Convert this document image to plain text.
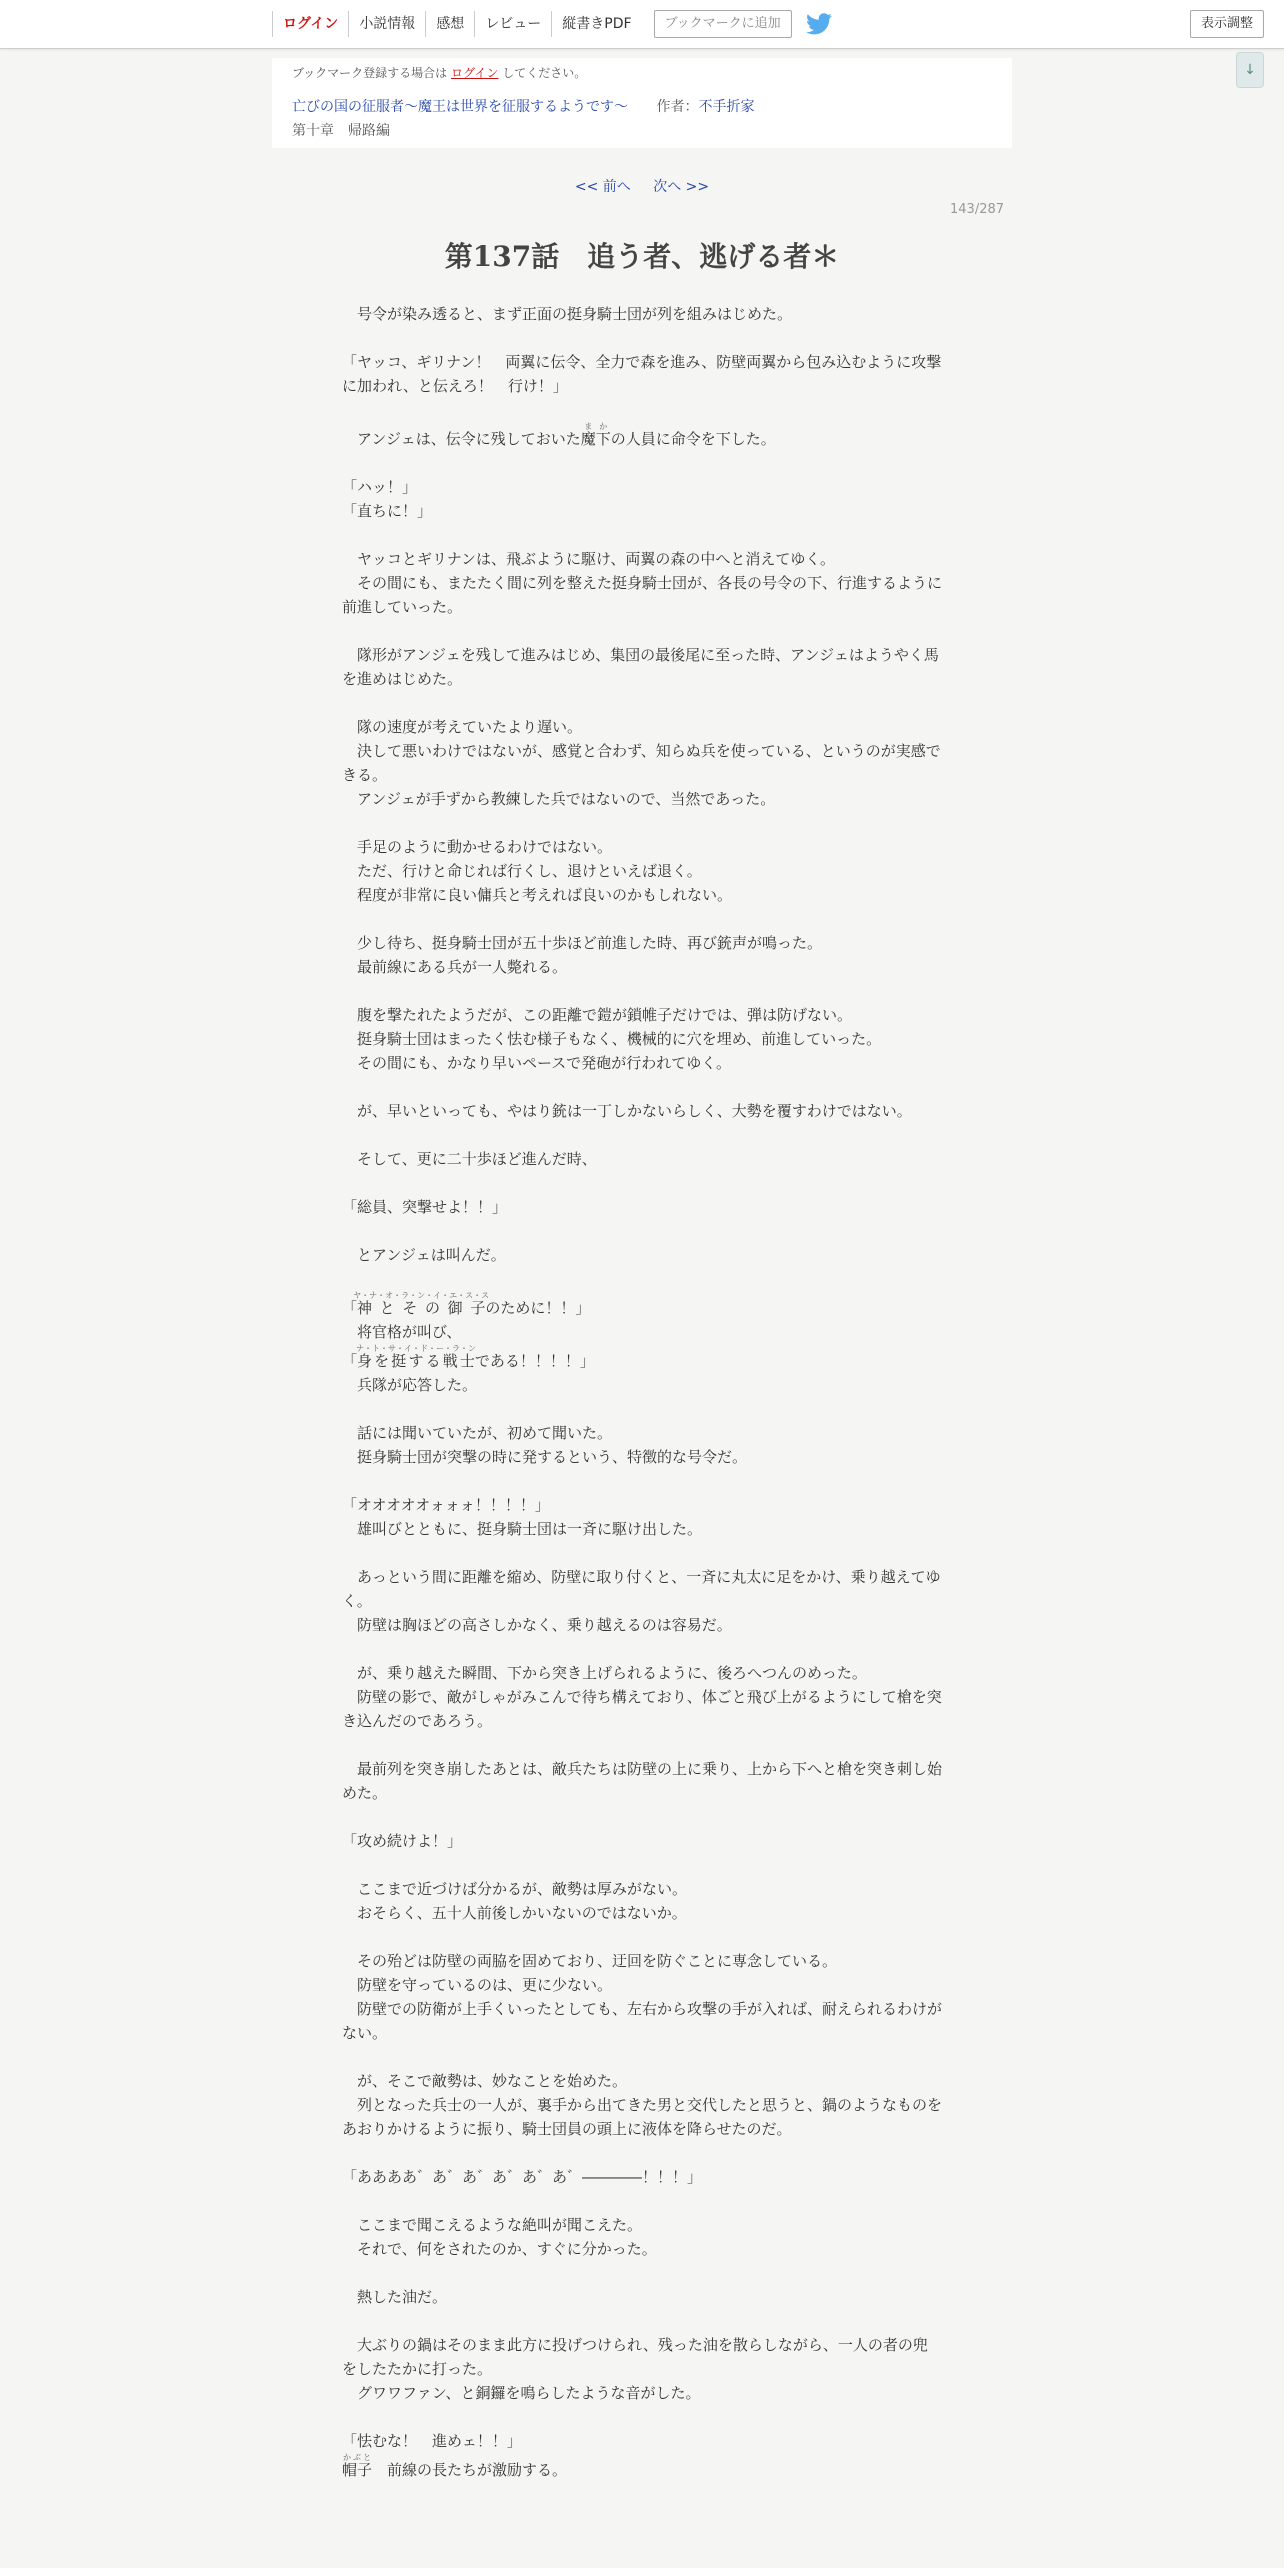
ログイン	小説情報	感想	レビュー	縦書きPDF	ブックマークに追加	表示調整
↓
ブックマーク登録する場合は ログイン してください。
亡びの国の征服者～魔王は世界を征服するようです～ 作者：不手折家
第十章　帰路編
<< 前へ 次へ >>
143/287
第137話　追う者、逃げる者＊
　号令が染み透ると、まず正面の挺身騎士団が列を組みはじめた。
「ヤッコ、ギリナン！　両翼に伝令、全力で森を進み、防壁両翼から包み込むように攻撃に加われ、と伝えろ！　行け！」
　アンジェは、伝令に残しておいた魔下まかの人員に命令を下した。
「ハッ！」
「直ちに！」
　ヤッコとギリナンは、飛ぶように駆け、両翼の森の中へと消えてゆく。
　その間にも、またたく間に列を整えた挺身騎士団が、各長の号令の下、行進するように前進していった。
　隊形がアンジェを残して進みはじめ、集団の最後尾に至った時、アンジェはようやく馬を進めはじめた。
　隊の速度が考えていたより遅い。
　決して悪いわけではないが、感覚と合わず、知らぬ兵を使っている、というのが実感できる。
　アンジェが手ずから教練した兵ではないので、当然であった。
　手足のように動かせるわけではない。
　ただ、行けと命じれば行くし、退けといえば退く。
　程度が非常に良い傭兵と考えれば良いのかもしれない。
　少し待ち、挺身騎士団が五十歩ほど前進した時、再び銃声が鳴った。
　最前線にある兵が一人斃れる。
　腹を撃たれたようだが、この距離で鎧が鎖帷子だけでは、弾は防げない。
　挺身騎士団はまったく怯む様子もなく、機械的に穴を埋め、前進していった。
　その間にも、かなり早いペースで発砲が行われてゆく。
　が、早いといっても、やはり銃は一丁しかないらしく、大勢を覆すわけではない。
　そして、更に二十歩ほど進んだ時、
「総員、突撃せよ！！」
　とアンジェは叫んだ。
「神とその御子ヤ・ナ・オ・ラ・ン・イ・エ・ス・スのために！！」
　将官格が叫び、
「身を挺する戦士ナ・ト・サ・イ・ド・ー・ラ・ンである！！！！」
　兵隊が応答した。
　話には聞いていたが、初めて聞いた。
　挺身騎士団が突撃の時に発するという、特徴的な号令だ。
「オオオオオォォォ！！！！」
　雄叫びとともに、挺身騎士団は一斉に駆け出した。
　あっという間に距離を縮め、防壁に取り付くと、一斉に丸太に足をかけ、乗り越えてゆく。
　防壁は胸ほどの高さしかなく、乗り越えるのは容易だ。
　が、乗り越えた瞬間、下から突き上げられるように、後ろへつんのめった。
　防壁の影で、敵がしゃがみこんで待ち構えており、体ごと飛び上がるようにして槍を突き込んだのであろう。
　最前列を突き崩したあとは、敵兵たちは防壁の上に乗り、上から下へと槍を突き刺し始めた。
「攻め続けよ！」
　ここまで近づけば分かるが、敵勢は厚みがない。
　おそらく、五十人前後しかいないのではないか。
　その殆どは防壁の両脇を固めており、迂回を防ぐことに専念している。
　防壁を守っているのは、更に少ない。
　防壁での防衛が上手くいったとしても、左右から攻撃の手が入れば、耐えられるわけがない。
　が、そこで敵勢は、妙なことを始めた。
　列となった兵士の一人が、裏手から出てきた男と交代したと思うと、鍋のようなものをあおりかけるように振り、騎士団員の頭上に液体を降らせたのだ。
「ああああ゛あ゛あ゛あ゛あ゛あ゛――――！！！」
　ここまで聞こえるような絶叫が聞こえた。
　それで、何をされたのか、すぐに分かった。
　熱した油だ。
　大ぶりの鍋はそのまま此方に投げつけられ、残った油を散らしながら、一人の者の兜をしたたかに打った。
　グワワファン、と銅鑼を鳴らしたような音がした。
「怯むな！　進めェ！！」
帽子かぶと　前線の長たちが激励する。
